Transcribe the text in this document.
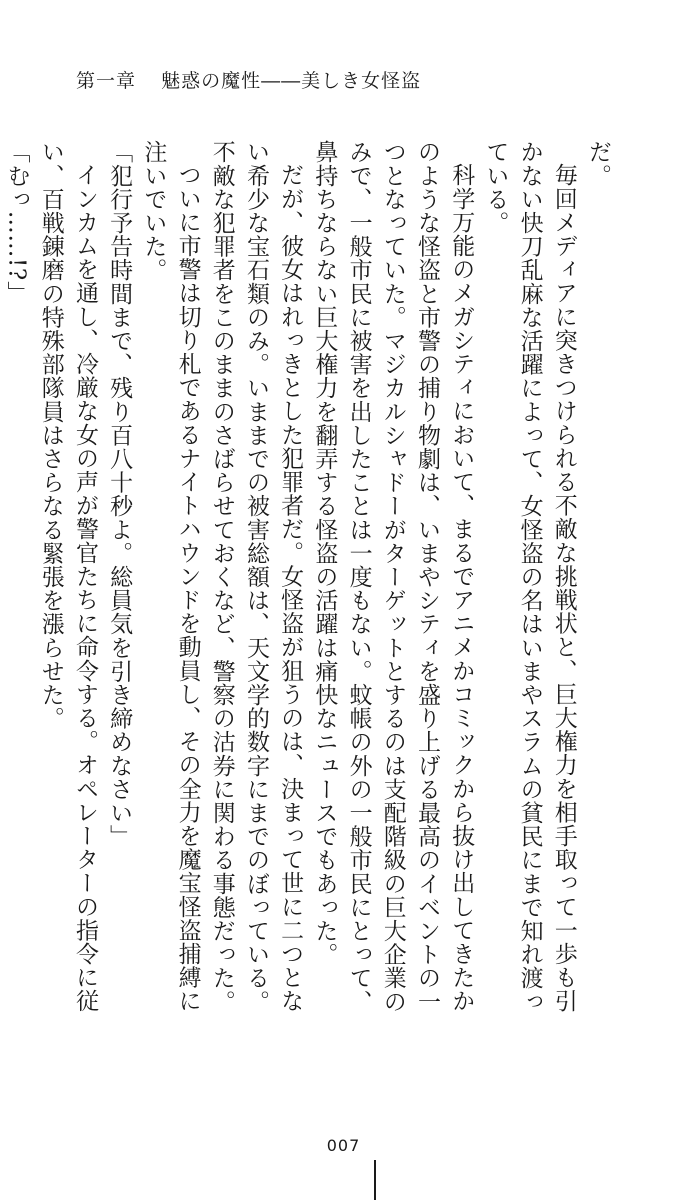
第一章 魅惑の魔性――美しき女怪盗

だ。

毎回メディアに突きつけられる不敵な挑戦状と、巨大権力を相手取って一歩も引かない快刀乱麻な活躍によって、女怪盗の名はいまやスラムの貧民にまで知れ渡っている。

科学万能のメガシティにおいて、まるでアニメかコミックから抜け出してきたかのような怪盗と市警の捕り物劇は、いまやシティを盛り上げる最高のイベントの一つとなっていた。マジカルシャドーがターゲットとするのは支配階級の巨大企業のみで、一般市民に被害を出したことは一度もない。蚊帳の外の一般市民にとって、鼻持ちならない巨大権力を翻弄する怪盗の活躍は痛快なニュースでもあった。

だが、彼女はれっきとした犯罪者だ。女怪盗が狙うのは、決まって世に二つとない希少な宝石類のみ。いままでの被害総額は、天文学的数字にまでのぼっている。不敵な犯罪者をこのままのさばらせておくなど、警察の沽券に関わる事態だった。

ついに市警は切り札であるナイトハウンドを動員し、その全力を魔宝怪盗捕縛に注いでいた。

「犯行予告時間まで、残り百八十秒よ。総員気を引き締めなさい」

インカムを通し、冷厳な女の声が警官たちに命令する。オペレーターの指令に従い、百戦錬磨の特殊部隊員はさらなる緊張を漲らせた。

「むっ……!?」

007
